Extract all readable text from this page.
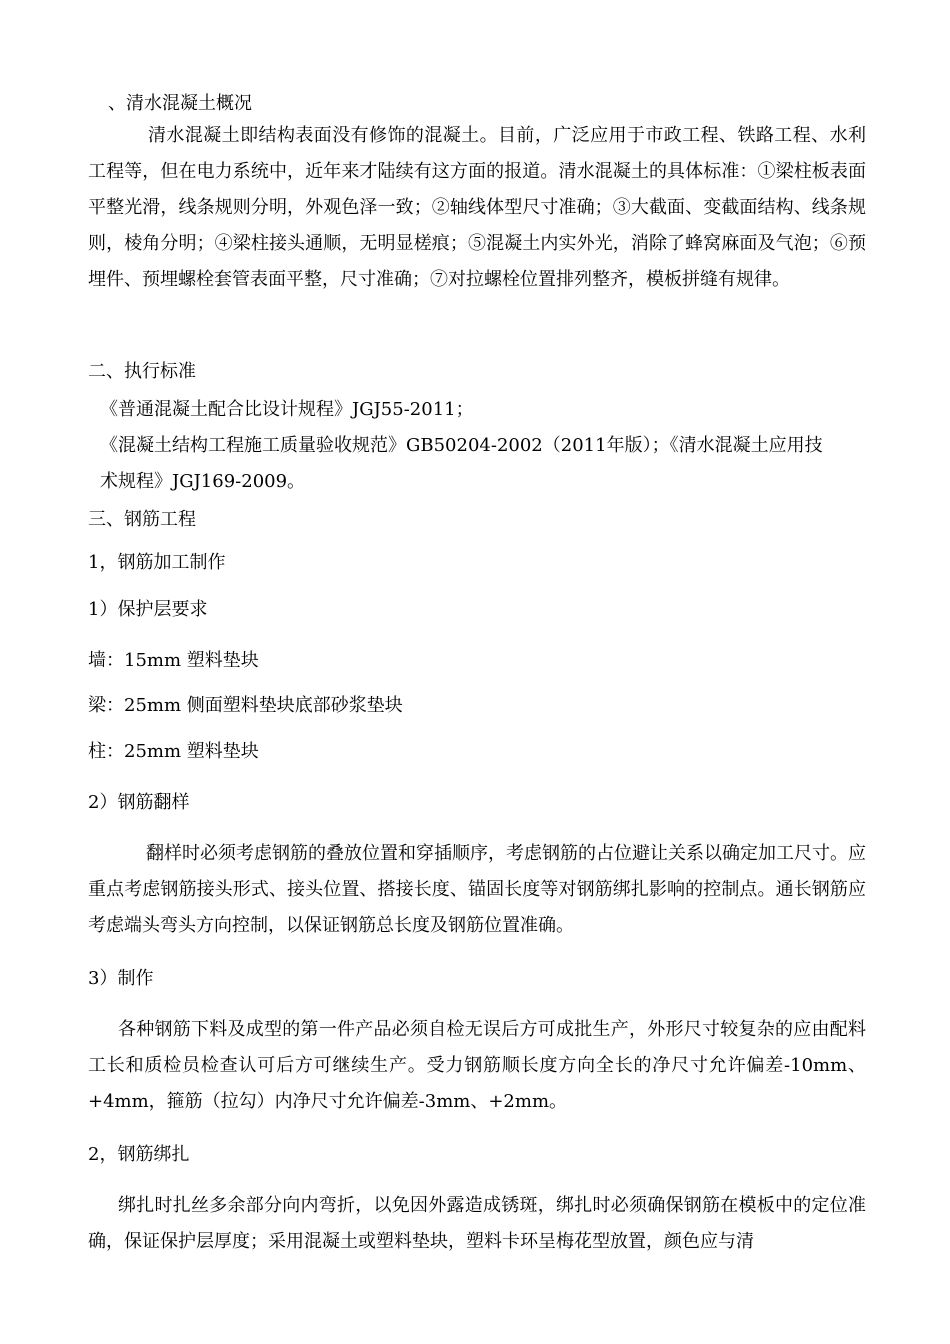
、清水混凝土概况
清水混凝土即结构表面没有修饰的混凝土。目前，广泛应用于市政工程、铁路工程、水利工程等，但在电力系统中，近年来才陆续有这方面的报道。清水混凝土的具体标准：①梁柱板表面平整光滑，线条规则分明，外观色泽一致；②轴线体型尺寸准确；③大截面、变截面结构、线条规则，棱角分明；④梁柱接头通顺，无明显槎痕；⑤混凝土内实外光，消除了蜂窝麻面及气泡；⑥预埋件、预埋螺栓套管表面平整，尺寸准确；⑦对拉螺栓位置排列整齐，模板拼缝有规律。
二、执行标准
《普通混凝土配合比设计规程》JGJ55-2011；
《混凝土结构工程施工质量验收规范》GB50204-2002（2011年版）；《清水混凝土应用技
术规程》JGJ169-2009。
三、钢筋工程
1，钢筋加工制作
1）保护层要求
墙：15mm 塑料垫块
梁：25mm 侧面塑料垫块底部砂浆垫块
柱：25mm 塑料垫块
2）钢筋翻样
翻样时必须考虑钢筋的叠放位置和穿插顺序，考虑钢筋的占位避让关系以确定加工尺寸。应重点考虑钢筋接头形式、接头位置、搭接长度、锚固长度等对钢筋绑扎影响的控制点。通长钢筋应考虑端头弯头方向控制，以保证钢筋总长度及钢筋位置准确。
3）制作
各种钢筋下料及成型的第一件产品必须自检无误后方可成批生产，外形尺寸较复杂的应由配料工长和质检员检查认可后方可继续生产。受力钢筋顺长度方向全长的净尺寸允许偏差-10mm、+4mm，箍筋（拉勾）内净尺寸允许偏差-3mm、+2mm。
2，钢筋绑扎
绑扎时扎丝多余部分向内弯折，以免因外露造成锈斑，绑扎时必须确保钢筋在模板中的定位准确，保证保护层厚度；采用混凝土或塑料垫块，塑料卡环呈梅花型放置，颜色应与清
